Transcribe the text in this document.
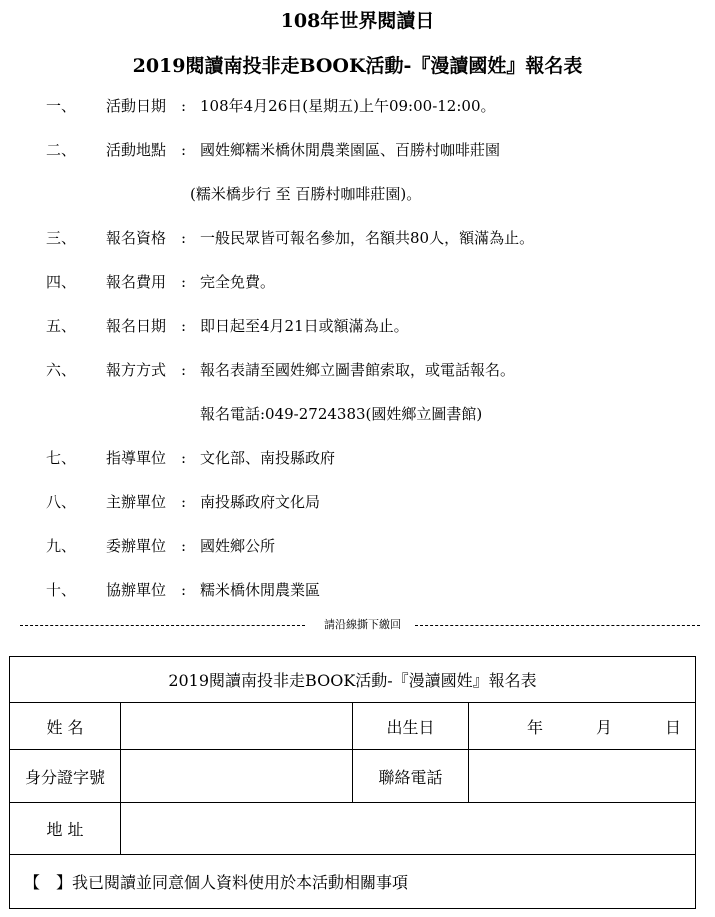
108年世界閱讀日
2019閱讀南投非走BOOK活動-『漫讀國姓』報名表
一、 活動日期 : 108年4月26日(星期五)上午09:00-12:00。
二、 活動地點 : 國姓鄉糯米橋休閒農業園區、百勝村咖啡莊園
(糯米橋步行 至 百勝村咖啡莊園)。
三、 報名資格 : 一般民眾皆可報名參加，名額共80人，額滿為止。
四、 報名費用 : 完全免費。
五、 報名日期 : 即日起至4月21日或額滿為止。
六、 報方方式 : 報名表請至國姓鄉立圖書館索取，或電話報名。
報名電話:049-2724383(國姓鄉立圖書館)
七、 指導單位 : 文化部、南投縣政府
八、 主辦單位 : 南投縣政府文化局
九、 委辦單位 : 國姓鄉公所
十、 協辦單位 : 糯米橋休閒農業區
請沿線撕下繳回
2019閱讀南投非走BOOK活動-『漫讀國姓』報名表			
姓 名		出生日	年 月 日

身分證字號		聯絡電話	
地 址			
【　】我已閱讀並同意個人資料使用於本活動相關事項			
